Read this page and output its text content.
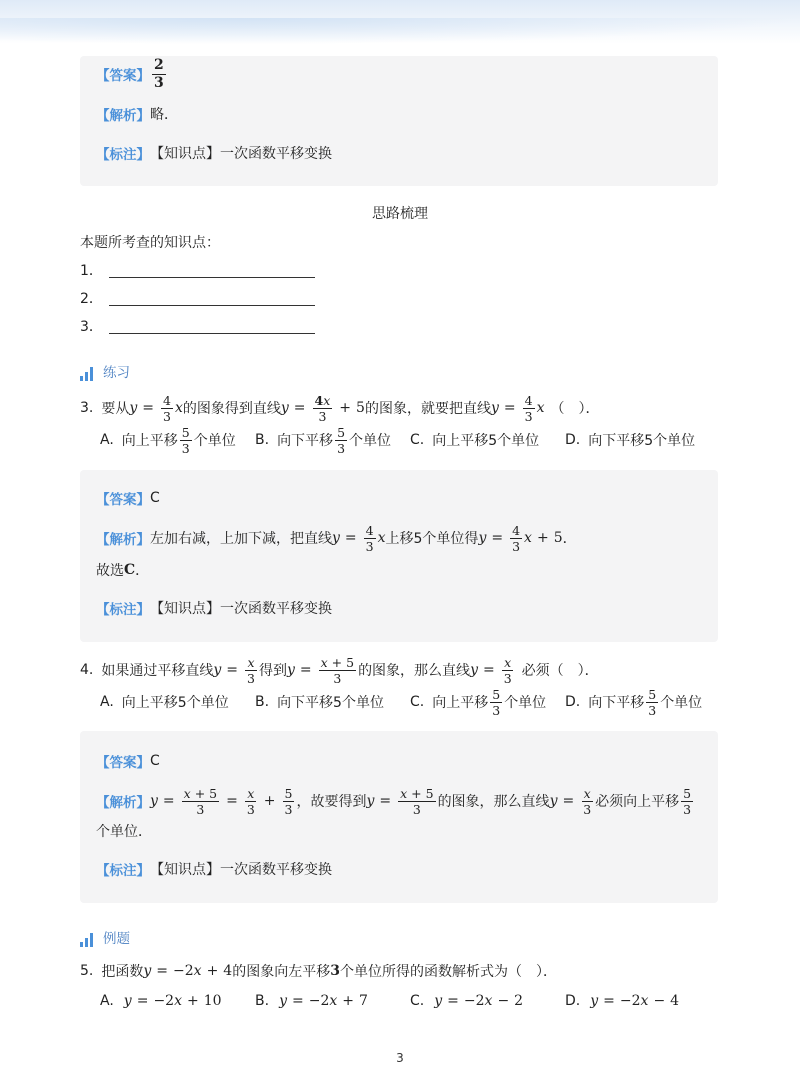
【答案】 $\frac{2}{3}$
【解析】 略．
【标注】 【知识点】一次函数平移变换
思路梳理
本题所考查的知识点：
1．
2．
3．
练习
3. 要从 $y = \frac{4}{3}$ x 的图象得到直线 $y = \frac{4x}{3} + 5$ 的图象，就要把直线 $y = \frac{4}{3}$ x （　）．
A. 向上平移 $\frac{5}{3}$ 个单位 B. 向下平移 $\frac{5}{3}$ 个单位 C. 向上平移5个单位 D. 向下平移5个单位
【答案】 C
【解析】 左加右减，上加下减，把直线 $y = \frac{4}{3}$ x 上移5个单位得 $y = \frac{4}{3}$ x + 5 ．
故选 C ．
【标注】 【知识点】一次函数平移变换
4. 如果通过平移直线 $y = \frac{x}{3}$ 得到 $y = \frac{x + 5}{3}$ 的图象，那么直线 $y = \frac{x}{3}$ 必须（　）．
A. 向上平移5个单位 B. 向下平移5个单位 C. 向上平移 $\frac{5}{3}$ 个单位 D. 向下平移 $\frac{5}{3}$ 个单位
【答案】 C
【解析】 $y = \frac{x + 5}{3} = \frac{x}{3} + \frac{5}{3}$ ，故要得到 $y = \frac{x + 5}{3}$ 的图象，那么直线 $y = \frac{x}{3}$ 必须向上平移 $\frac{5}{3}$
个单位．
【标注】 【知识点】一次函数平移变换
例题
5. 把函数 y = −2 x + 4 的图象向左平移 3 个单位所得的函数解析式为（　）．
A. y = −2 x + 10 B. y = −2 x + 7	C. y = −2 x − 2	D. y = −2 x − 4
3
